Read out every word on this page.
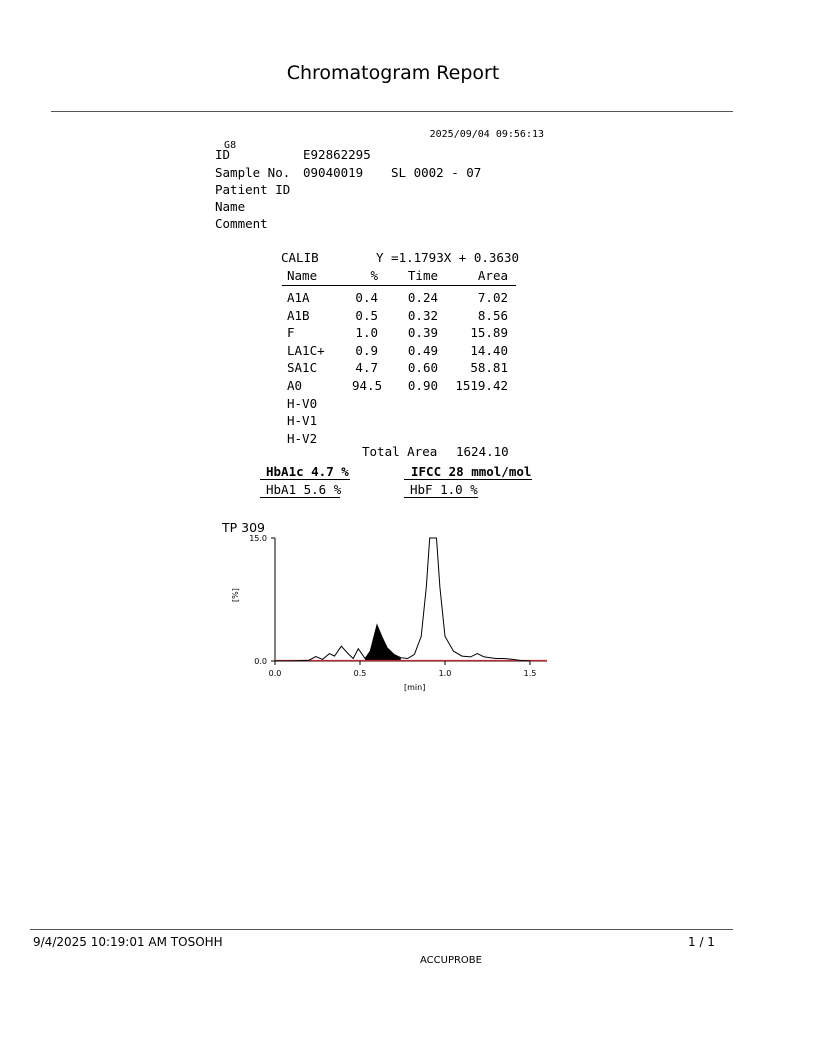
Chromatogram Report

G8

2025/09/04 09:56:13

ID	E92862295
Sample No. 09040019 SL 0002 - 07
Patient ID
Name
Comment
CALIB	Y =1.1793X + 0.3630
Name	%	Time	Area
A1A	0.4	0.24	7.02
A1B	0.5	0.32	8.56
F	1.0	0.39	15.89
LA1C+	0.9	0.49	14.40
SA1C	4.7	0.60	58.81
A0	94.5	0.90 1519.42
H-V0
H-V1
H-V2
Total Area 1624.10
HbA1c 4.7 %	IFCC 28 mmol/mol
HbA1 5.6 %	HbF 1.0 %
TP 309
0.0
15.0
0.0	0.5	1.0	1.5
[%]
[min]
9/4/2025 10:19:01 AM TOSOHH	1 / 1
ACCUPROBE
